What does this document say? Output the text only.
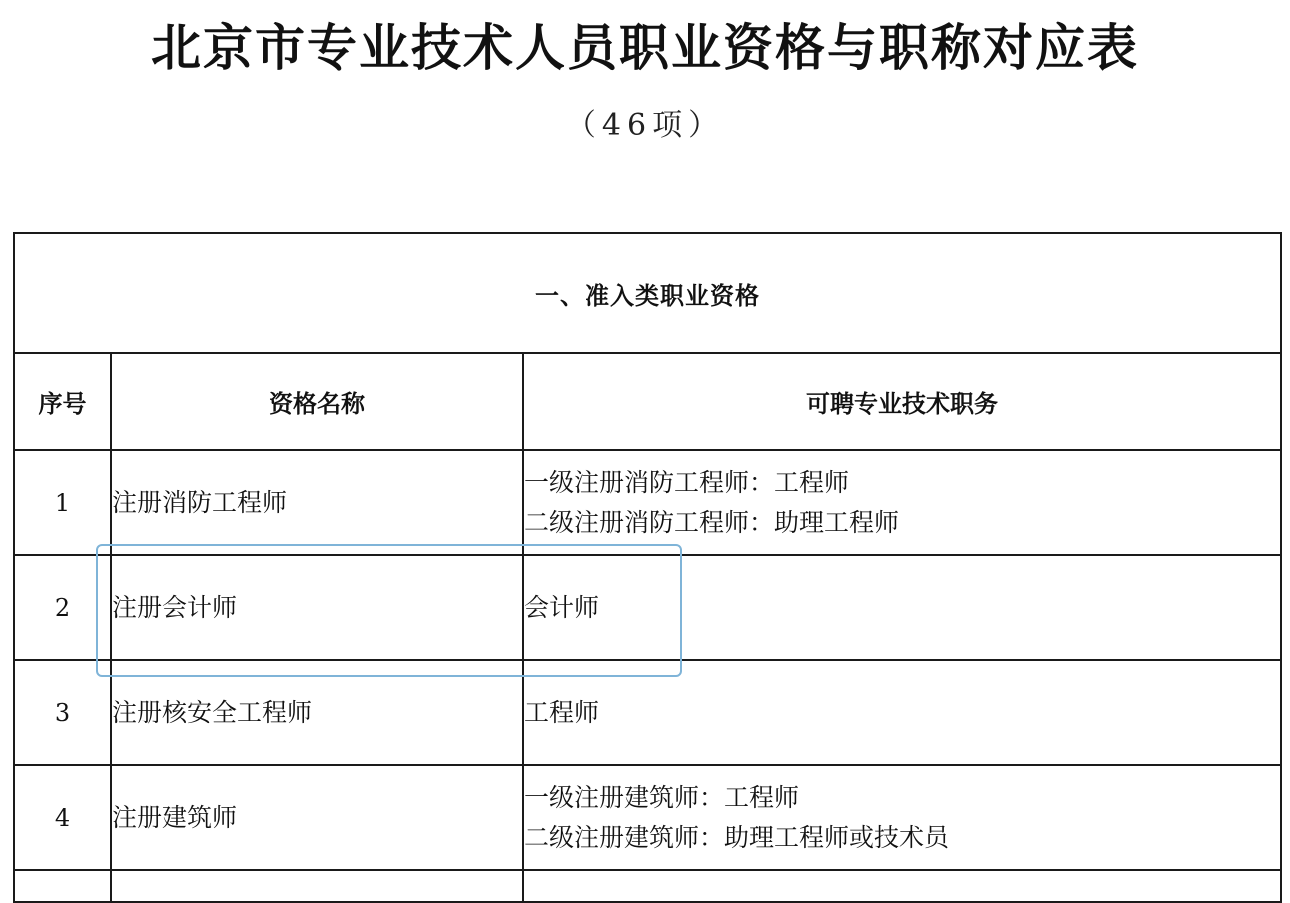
北京市专业技术人员职业资格与职称对应表
（46项）
一、准入类职业资格		
序号	资格名称	可聘专业技术职务
1	注册消防工程师	一级注册消防工程师：工程师
二级注册消防工程师：助理工程师

2	注册会计师	会计师

3	注册核安全工程师	工程师

4	注册建筑师	一级注册建筑师：工程师
二级注册建筑师：助理工程师或技术员
